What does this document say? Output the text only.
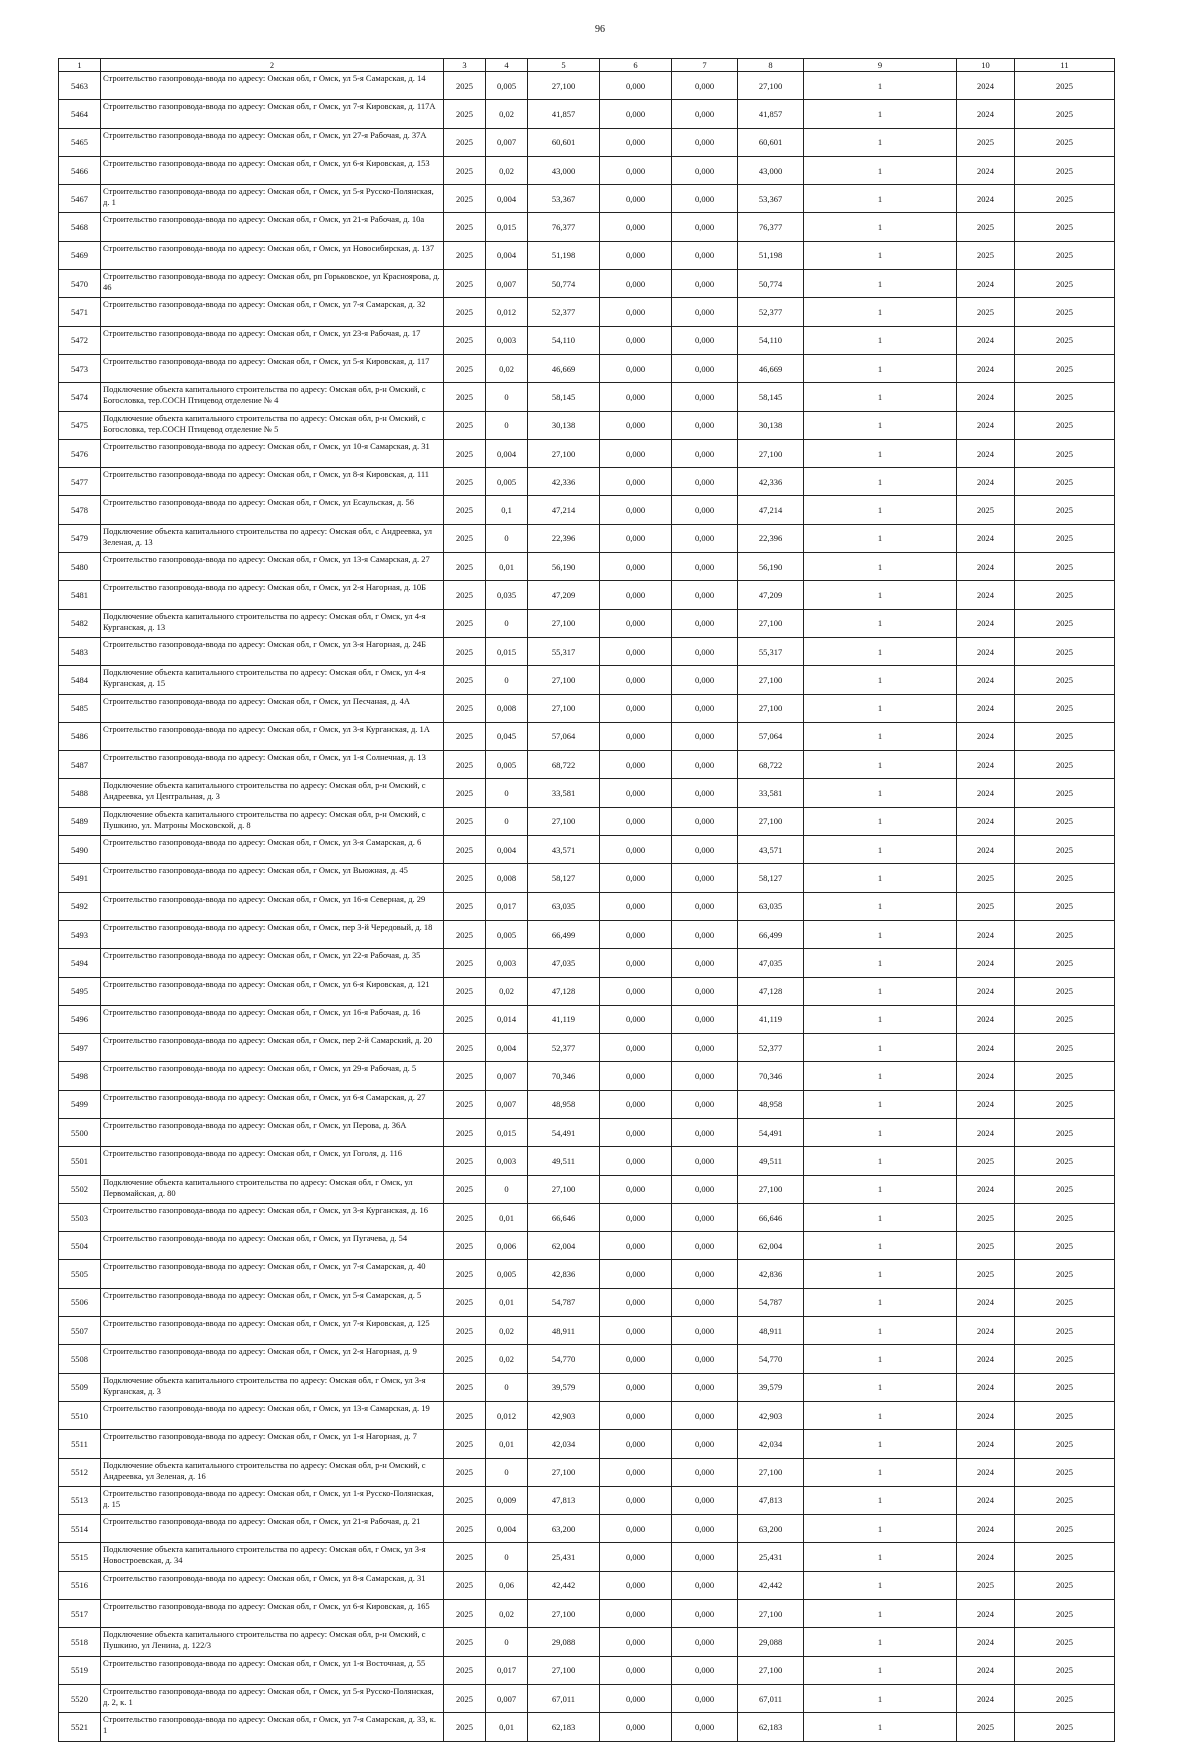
96
1	2	3	4	5	6	7	8	9	10	11
5463	Строительство газопровода-ввода по адресу: Омская обл, г Омск, ул 5-я Самарская, д. 14	2025	0,005	27,100	0,000	0,000	27,100	1	2024	2025
5464	Строительство газопровода-ввода по адресу: Омская обл, г Омск, ул 7-я Кировская, д. 117А	2025	0,02	41,857	0,000	0,000	41,857	1	2024	2025
5465	Строительство газопровода-ввода по адресу: Омская обл, г Омск, ул 27-я Рабочая, д. 37А	2025	0,007	60,601	0,000	0,000	60,601	1	2025	2025
5466	Строительство газопровода-ввода по адресу: Омская обл, г Омск, ул 6-я Кировская, д. 153	2025	0,02	43,000	0,000	0,000	43,000	1	2024	2025
5467	Строительство газопровода-ввода по адресу: Омская обл, г Омск, ул 5-я Русско-Полянская, д. 1	2025	0,004	53,367	0,000	0,000	53,367	1	2024	2025
5468	Строительство газопровода-ввода по адресу: Омская обл, г Омск, ул 21-я Рабочая, д. 10а	2025	0,015	76,377	0,000	0,000	76,377	1	2025	2025
5469	Строительство газопровода-ввода по адресу: Омская обл, г Омск, ул Новосибирская, д. 137	2025	0,004	51,198	0,000	0,000	51,198	1	2025	2025
5470	Строительство газопровода-ввода по адресу: Омская обл, рп Горьковское, ул Красноярова, д. 46	2025	0,007	50,774	0,000	0,000	50,774	1	2024	2025
5471	Строительство газопровода-ввода по адресу: Омская обл, г Омск, ул 7-я Самарская, д. 32	2025	0,012	52,377	0,000	0,000	52,377	1	2025	2025
5472	Строительство газопровода-ввода по адресу: Омская обл, г Омск, ул 23-я Рабочая, д. 17	2025	0,003	54,110	0,000	0,000	54,110	1	2024	2025
5473	Строительство газопровода-ввода по адресу: Омская обл, г Омск, ул 5-я Кировская, д. 117	2025	0,02	46,669	0,000	0,000	46,669	1	2024	2025
5474	Подключение объекта капитального строительства по адресу: Омская обл, р-н Омский, с Богословка, тер.СОСН Птицевод отделение № 4	2025	0	58,145	0,000	0,000	58,145	1	2024	2025
5475	Подключение объекта капитального строительства по адресу: Омская обл, р-н Омский, с Богословка, тер.СОСН Птицевод отделение № 5	2025	0	30,138	0,000	0,000	30,138	1	2024	2025
5476	Строительство газопровода-ввода по адресу: Омская обл, г Омск, ул 10-я Самарская, д. 31	2025	0,004	27,100	0,000	0,000	27,100	1	2024	2025
5477	Строительство газопровода-ввода по адресу: Омская обл, г Омск, ул 8-я Кировская, д. 111	2025	0,005	42,336	0,000	0,000	42,336	1	2024	2025
5478	Строительство газопровода-ввода по адресу: Омская обл, г Омск, ул Есаульская, д. 56	2025	0,1	47,214	0,000	0,000	47,214	1	2025	2025
5479	Подключение объекта капитального строительства по адресу: Омская обл, с Андреевка, ул Зеленая, д. 13	2025	0	22,396	0,000	0,000	22,396	1	2024	2025
5480	Строительство газопровода-ввода по адресу: Омская обл, г Омск, ул 13-я Самарская, д. 27	2025	0,01	56,190	0,000	0,000	56,190	1	2024	2025
5481	Строительство газопровода-ввода по адресу: Омская обл, г Омск, ул 2-я Нагорная, д. 10Б	2025	0,035	47,209	0,000	0,000	47,209	1	2024	2025
5482	Подключение объекта капитального строительства по адресу: Омская обл, г Омск, ул 4-я Курганская, д. 13	2025	0	27,100	0,000	0,000	27,100	1	2024	2025
5483	Строительство газопровода-ввода по адресу: Омская обл, г Омск, ул 3-я Нагорная, д. 24Б	2025	0,015	55,317	0,000	0,000	55,317	1	2024	2025
5484	Подключение объекта капитального строительства по адресу: Омская обл, г Омск, ул 4-я Курганская, д. 15	2025	0	27,100	0,000	0,000	27,100	1	2024	2025
5485	Строительство газопровода-ввода по адресу: Омская обл, г Омск, ул Песчаная, д. 4А	2025	0,008	27,100	0,000	0,000	27,100	1	2024	2025
5486	Строительство газопровода-ввода по адресу: Омская обл, г Омск, ул 3-я Курганская, д. 1А	2025	0,045	57,064	0,000	0,000	57,064	1	2024	2025
5487	Строительство газопровода-ввода по адресу: Омская обл, г Омск, ул 1-я Солнечная, д. 13	2025	0,005	68,722	0,000	0,000	68,722	1	2024	2025
5488	Подключение объекта капитального строительства по адресу: Омская обл, р-н Омский, с Андреевка, ул Центральная, д. 3	2025	0	33,581	0,000	0,000	33,581	1	2024	2025
5489	Подключение объекта капитального строительства по адресу: Омская обл, р-н Омский, с Пушкино, ул. Матроны Московской, д. 8	2025	0	27,100	0,000	0,000	27,100	1	2024	2025
5490	Строительство газопровода-ввода по адресу: Омская обл, г Омск, ул 3-я Самарская, д. 6	2025	0,004	43,571	0,000	0,000	43,571	1	2024	2025
5491	Строительство газопровода-ввода по адресу: Омская обл, г Омск, ул Вьюжная, д. 45	2025	0,008	58,127	0,000	0,000	58,127	1	2025	2025
5492	Строительство газопровода-ввода по адресу: Омская обл, г Омск, ул 16-я Северная, д. 29	2025	0,017	63,035	0,000	0,000	63,035	1	2025	2025
5493	Строительство газопровода-ввода по адресу: Омская обл, г Омск, пер 3-й Чередовый, д. 18	2025	0,005	66,499	0,000	0,000	66,499	1	2024	2025
5494	Строительство газопровода-ввода по адресу: Омская обл, г Омск, ул 22-я Рабочая, д. 35	2025	0,003	47,035	0,000	0,000	47,035	1	2024	2025
5495	Строительство газопровода-ввода по адресу: Омская обл, г Омск, ул 6-я Кировская, д. 121	2025	0,02	47,128	0,000	0,000	47,128	1	2024	2025
5496	Строительство газопровода-ввода по адресу: Омская обл, г Омск, ул 16-я Рабочая, д. 16	2025	0,014	41,119	0,000	0,000	41,119	1	2024	2025
5497	Строительство газопровода-ввода по адресу: Омская обл, г Омск, пер 2-й Самарский, д. 20	2025	0,004	52,377	0,000	0,000	52,377	1	2024	2025
5498	Строительство газопровода-ввода по адресу: Омская обл, г Омск, ул 29-я Рабочая, д. 5	2025	0,007	70,346	0,000	0,000	70,346	1	2024	2025
5499	Строительство газопровода-ввода по адресу: Омская обл, г Омск, ул 6-я Самарская, д. 27	2025	0,007	48,958	0,000	0,000	48,958	1	2024	2025
5500	Строительство газопровода-ввода по адресу: Омская обл, г Омск, ул Перова, д. 36А	2025	0,015	54,491	0,000	0,000	54,491	1	2024	2025
5501	Строительство газопровода-ввода по адресу: Омская обл, г Омск, ул Гоголя, д. 116	2025	0,003	49,511	0,000	0,000	49,511	1	2025	2025
5502	Подключение объекта капитального строительства по адресу: Омская обл, г Омск, ул Первомайская, д. 80	2025	0	27,100	0,000	0,000	27,100	1	2024	2025
5503	Строительство газопровода-ввода по адресу: Омская обл, г Омск, ул 3-я Курганская, д. 16	2025	0,01	66,646	0,000	0,000	66,646	1	2025	2025
5504	Строительство газопровода-ввода по адресу: Омская обл, г Омск, ул Пугачева, д. 54	2025	0,006	62,004	0,000	0,000	62,004	1	2025	2025
5505	Строительство газопровода-ввода по адресу: Омская обл, г Омск, ул 7-я Самарская, д. 40	2025	0,005	42,836	0,000	0,000	42,836	1	2025	2025
5506	Строительство газопровода-ввода по адресу: Омская обл, г Омск, ул 5-я Самарская, д. 5	2025	0,01	54,787	0,000	0,000	54,787	1	2024	2025
5507	Строительство газопровода-ввода по адресу: Омская обл, г Омск, ул 7-я Кировская, д. 125	2025	0,02	48,911	0,000	0,000	48,911	1	2024	2025
5508	Строительство газопровода-ввода по адресу: Омская обл, г Омск, ул 2-я Нагорная, д. 9	2025	0,02	54,770	0,000	0,000	54,770	1	2024	2025
5509	Подключение объекта капитального строительства по адресу: Омская обл, г Омск, ул 3-я Курганская, д. 3	2025	0	39,579	0,000	0,000	39,579	1	2024	2025
5510	Строительство газопровода-ввода по адресу: Омская обл, г Омск, ул 13-я Самарская, д. 19	2025	0,012	42,903	0,000	0,000	42,903	1	2024	2025
5511	Строительство газопровода-ввода по адресу: Омская обл, г Омск, ул 1-я Нагорная, д. 7	2025	0,01	42,034	0,000	0,000	42,034	1	2024	2025
5512	Подключение объекта капитального строительства по адресу: Омская обл, р-н Омский, с Андреевка, ул Зеленая, д. 16	2025	0	27,100	0,000	0,000	27,100	1	2024	2025
5513	Строительство газопровода-ввода по адресу: Омская обл, г Омск, ул 1-я Русско-Полянская, д. 15	2025	0,009	47,813	0,000	0,000	47,813	1	2024	2025
5514	Строительство газопровода-ввода по адресу: Омская обл, г Омск, ул 21-я Рабочая, д. 21	2025	0,004	63,200	0,000	0,000	63,200	1	2024	2025
5515	Подключение объекта капитального строительства по адресу: Омская обл, г Омск, ул 3-я Новостроевская, д. 34	2025	0	25,431	0,000	0,000	25,431	1	2024	2025
5516	Строительство газопровода-ввода по адресу: Омская обл, г Омск, ул 8-я Самарская, д. 31	2025	0,06	42,442	0,000	0,000	42,442	1	2025	2025
5517	Строительство газопровода-ввода по адресу: Омская обл, г Омск, ул 6-я Кировская, д. 165	2025	0,02	27,100	0,000	0,000	27,100	1	2024	2025
5518	Подключение объекта капитального строительства по адресу: Омская обл, р-н Омский, с Пушкино, ул Ленина, д. 122/3	2025	0	29,088	0,000	0,000	29,088	1	2024	2025
5519	Строительство газопровода-ввода по адресу: Омская обл, г Омск, ул 1-я Восточная, д. 55	2025	0,017	27,100	0,000	0,000	27,100	1	2024	2025
5520	Строительство газопровода-ввода по адресу: Омская обл, г Омск, ул 5-я Русско-Полянская, д. 2, к. 1	2025	0,007	67,011	0,000	0,000	67,011	1	2024	2025
5521	Строительство газопровода-ввода по адресу: Омская обл, г Омск, ул 7-я Самарская, д. 33, к. 1	2025	0,01	62,183	0,000	0,000	62,183	1	2025	2025
